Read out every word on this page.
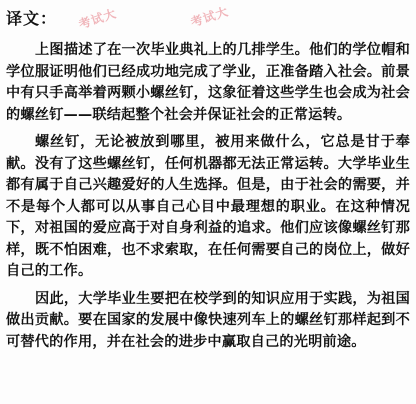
译文： 考试大	考试大

上图描述了在一次毕业典礼上的几排学生。他们的学位帽和学位服证明他们已经成功地完成了学业，正准备踏入社会。前景中有只手高举着两颗小螺丝钉，这象征着这些学生也会成为社会的螺丝钉——联结起整个社会并保证社会的正常运转。

螺丝钉，无论被放到哪里，被用来做什么，它总是甘于奉献。没有了这些螺丝钉，任何机器都无法正常运转。大学毕业生都有属于自己兴趣爱好的人生选择。但是，由于社会的需要，并不是每个人都可以从事自己心目中最理想的职业。在这种情况下，对祖国的爱应高于对自身利益的追求。他们应该像螺丝钉那样，既不怕困难，也不求索取，在任何需要自己的岗位上，做好自己的工作。

因此，大学毕业生要把在校学到的知识应用于实践，为祖国做出贡献。要在国家的发展中像快速列车上的螺丝钉那样起到不可替代的作用，并在社会的进步中赢取自己的光明前途。
